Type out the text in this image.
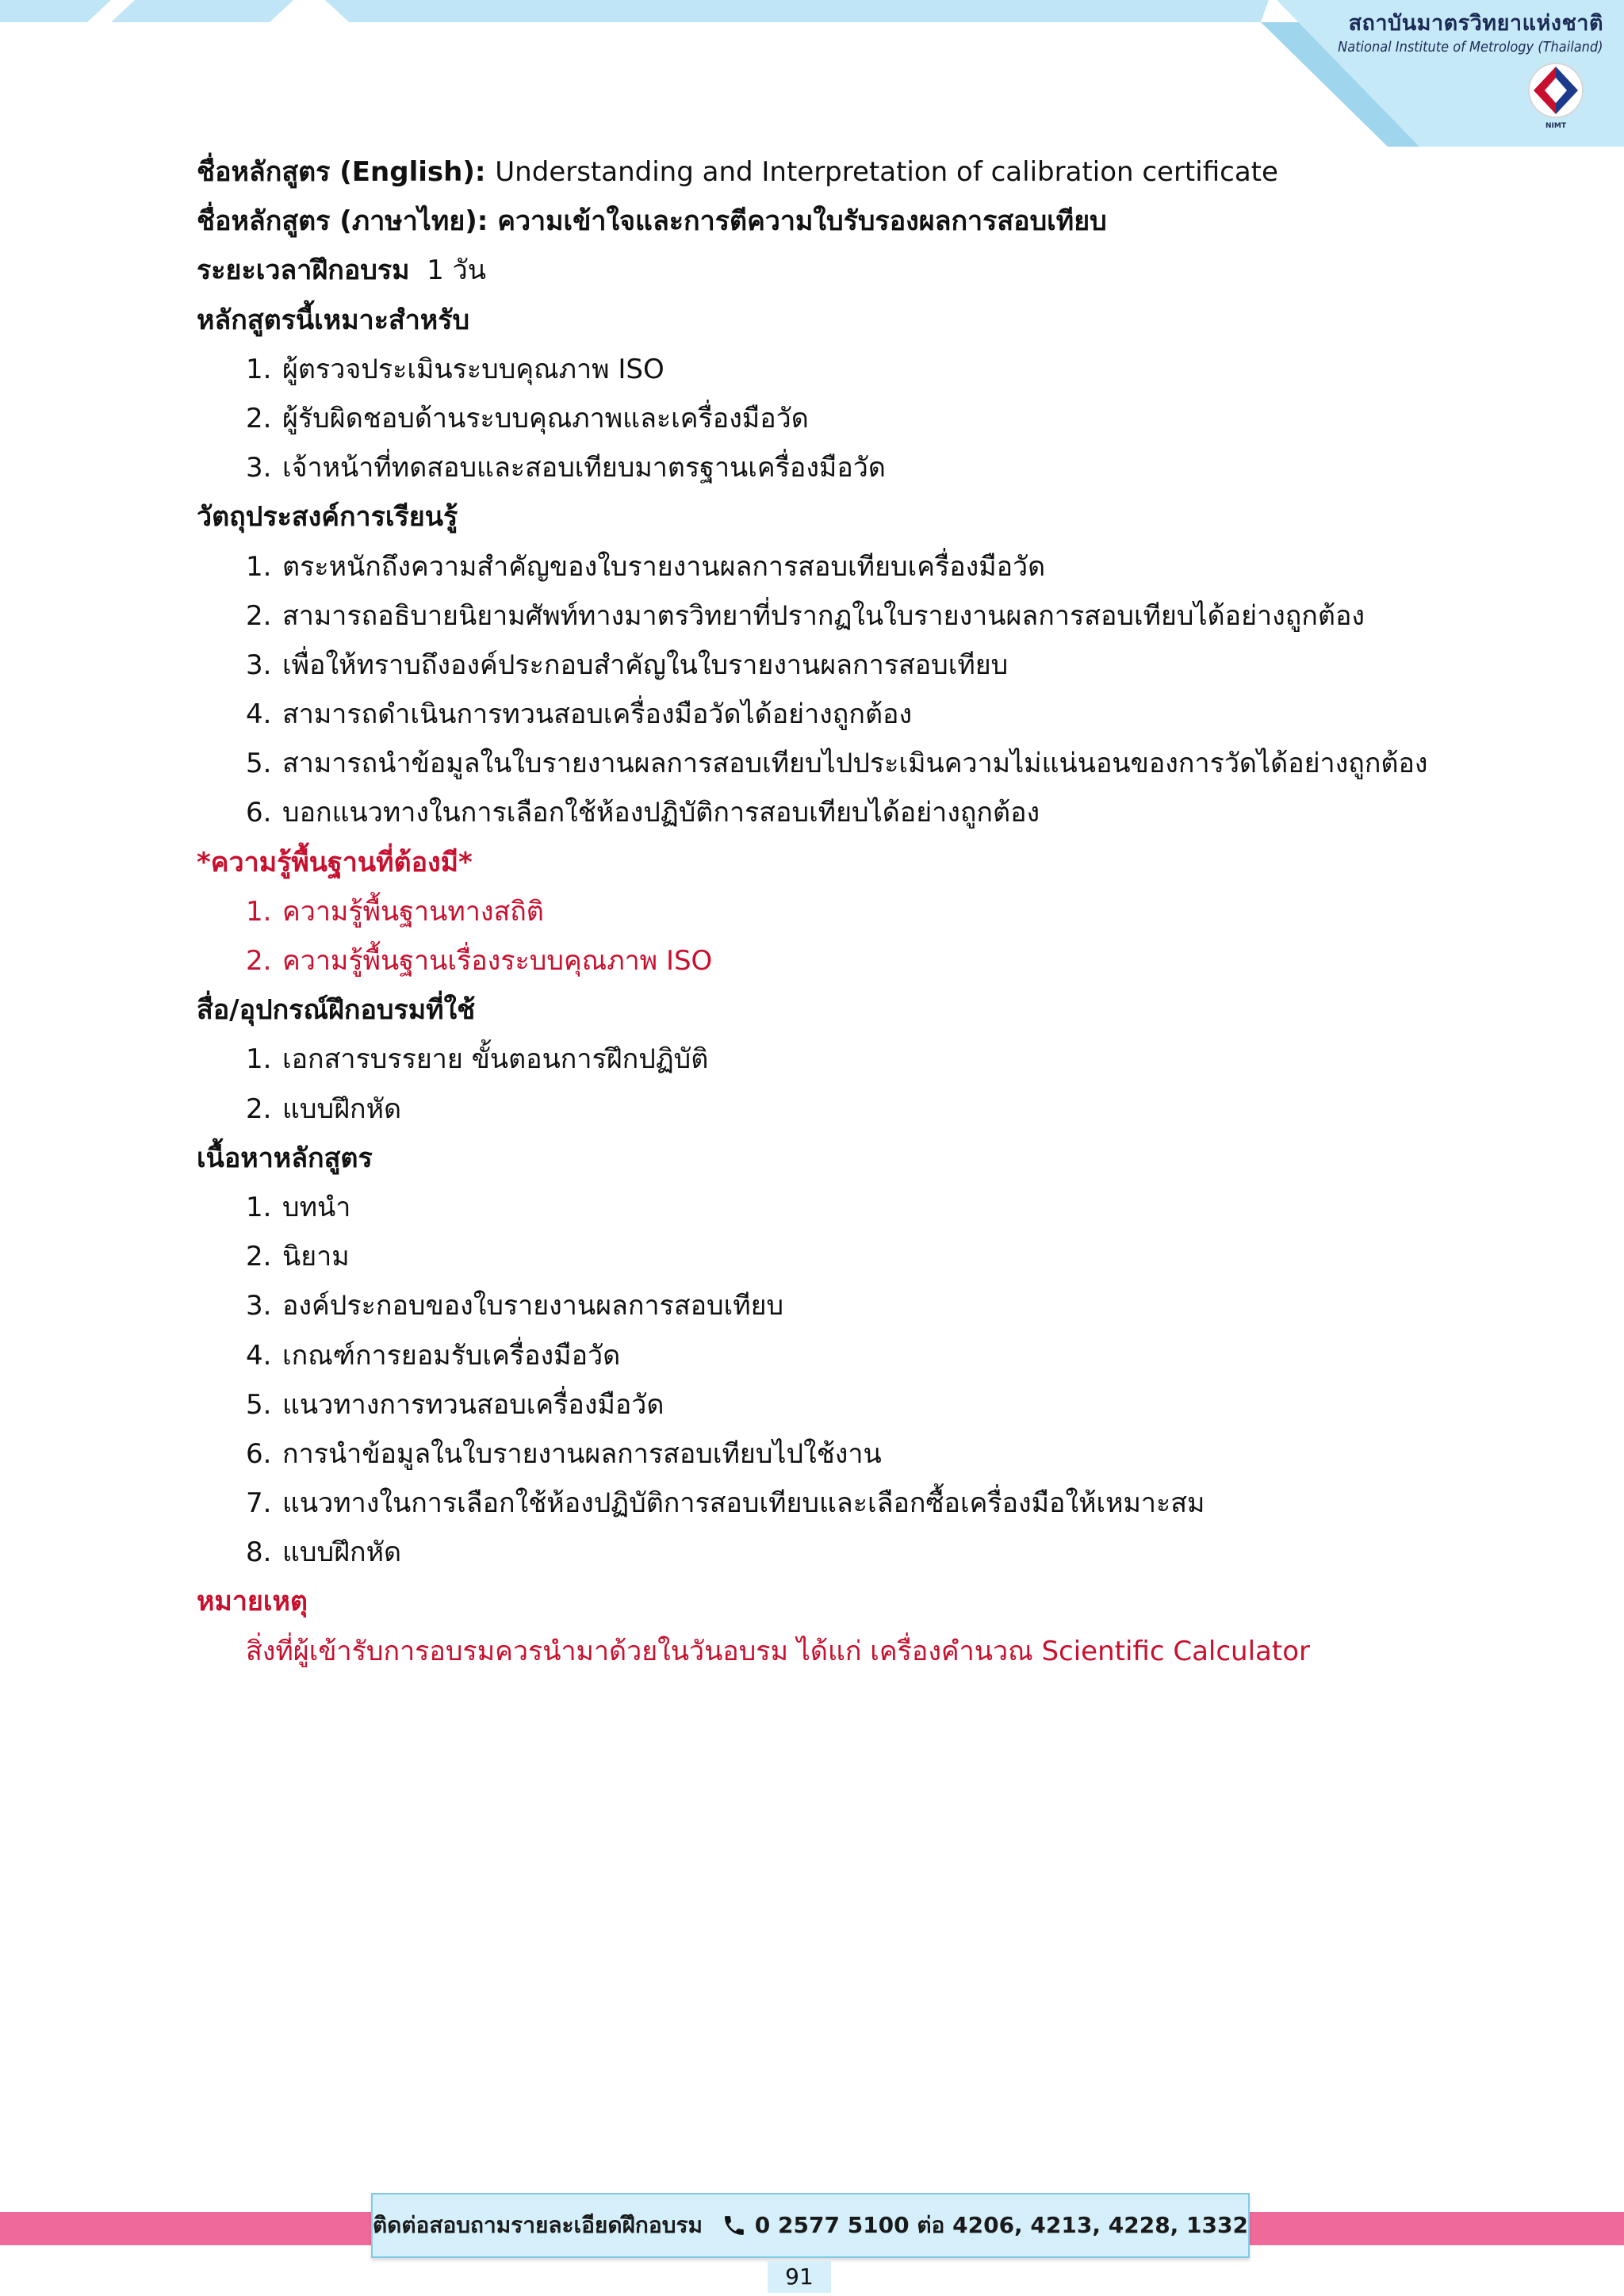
สถาบันมาตรวิทยาแห่งชาติ
National Institute of Metrology (Thailand)
NIMT
ชื่อหลักสูตร (English): Understanding and Interpretation of calibration certificate
ชื่อหลักสูตร (ภาษาไทย): ความเข้าใจและการตีความใบรับรองผลการสอบเทียบ
ระยะเวลาฝึกอบรม 1 วัน
หลักสูตรนี้เหมาะสำหรับ
1. ผู้ตรวจประเมินระบบคุณภาพ ISO
2. ผู้รับผิดชอบด้านระบบคุณภาพและเครื่องมือวัด
3. เจ้าหน้าที่ทดสอบและสอบเทียบมาตรฐานเครื่องมือวัด
วัตถุประสงค์การเรียนรู้
1. ตระหนักถึงความสำคัญของใบรายงานผลการสอบเทียบเครื่องมือวัด
2. สามารถอธิบายนิยามศัพท์ทางมาตรวิทยาที่ปรากฏในใบรายงานผลการสอบเทียบได้อย่างถูกต้อง
3. เพื่อให้ทราบถึงองค์ประกอบสำคัญในใบรายงานผลการสอบเทียบ
4. สามารถดำเนินการทวนสอบเครื่องมือวัดได้อย่างถูกต้อง
5. สามารถนำข้อมูลในใบรายงานผลการสอบเทียบไปประเมินความไม่แน่นอนของการวัดได้อย่างถูกต้อง
6. บอกแนวทางในการเลือกใช้ห้องปฏิบัติการสอบเทียบได้อย่างถูกต้อง
*ความรู้พื้นฐานที่ต้องมี*
1. ความรู้พื้นฐานทางสถิติ
2. ความรู้พื้นฐานเรื่องระบบคุณภาพ ISO
สื่อ/อุปกรณ์ฝึกอบรมที่ใช้
1. เอกสารบรรยาย ขั้นตอนการฝึกปฏิบัติ
2. แบบฝึกหัด
เนื้อหาหลักสูตร
1. บทนำ
2. นิยาม
3. องค์ประกอบของใบรายงานผลการสอบเทียบ
4. เกณฑ์การยอมรับเครื่องมือวัด
5. แนวทางการทวนสอบเครื่องมือวัด
6. การนำข้อมูลในใบรายงานผลการสอบเทียบไปใช้งาน
7. แนวทางในการเลือกใช้ห้องปฏิบัติการสอบเทียบและเลือกซื้อเครื่องมือให้เหมาะสม
8. แบบฝึกหัด
หมายเหตุ
สิ่งที่ผู้เข้ารับการอบรมควรนำมาด้วยในวันอบรม ได้แก่ เครื่องคำนวณ Scientific Calculator
ติดต่อสอบถามรายละเอียดฝึกอบรม 0 2577 5100 ต่อ 4206, 4213, 4228, 1332
91
